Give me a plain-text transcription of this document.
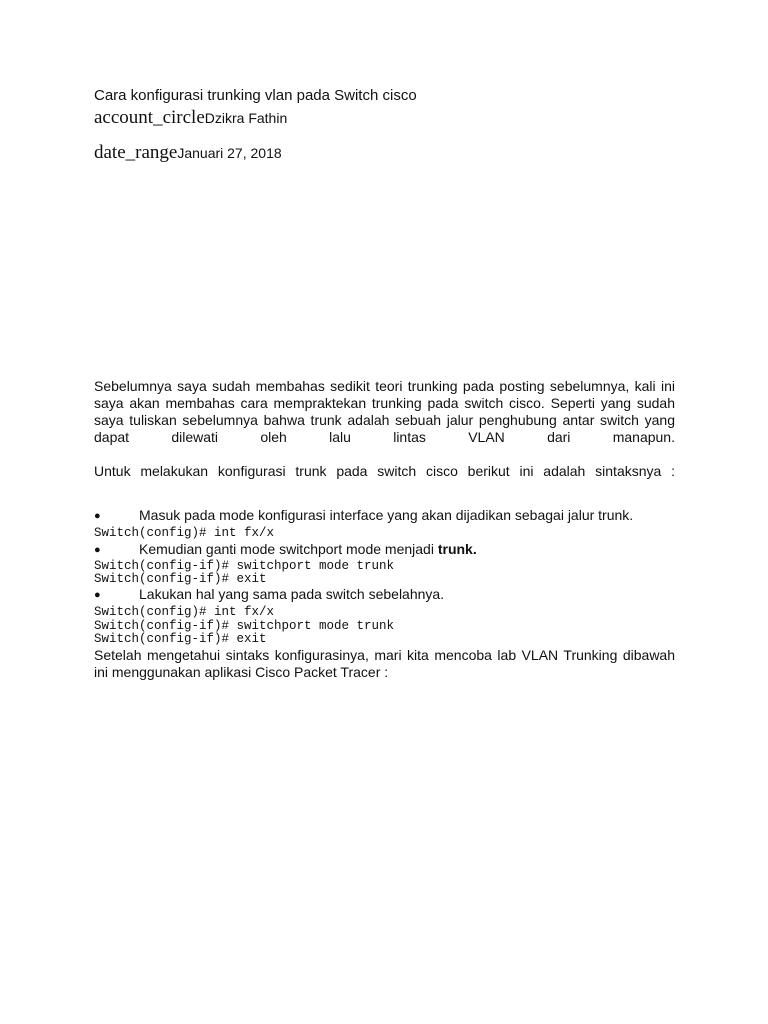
Cara konfigurasi trunking vlan pada Switch cisco
account_circleDzikra Fathin
date_rangeJanuari 27, 2018
Sebelumnya saya sudah membahas sedikit teori trunking pada posting sebelumnya, kali ini
saya akan membahas cara mempraktekan trunking pada switch cisco. Seperti yang sudah
saya tuliskan sebelumnya bahwa trunk adalah sebuah jalur penghubung antar switch yang
dapat dilewati oleh lalu lintas VLAN dari manapun.
Untuk melakukan konfigurasi trunk pada switch cisco berikut ini adalah sintaksnya :
●	Masuk pada mode konfigurasi interface yang akan dijadikan sebagai jalur trunk.
Switch(config)# int fx/x
●	Kemudian ganti mode switchport mode menjadi trunk.
Switch(config-if)# switchport mode trunk
Switch(config-if)# exit
●	Lakukan hal yang sama pada switch sebelahnya.
Switch(config)# int fx/x
Switch(config-if)# switchport mode trunk
Switch(config-if)# exit
Setelah mengetahui sintaks konfigurasinya, mari kita mencoba lab VLAN Trunking dibawah
ini menggunakan aplikasi Cisco Packet Tracer :
